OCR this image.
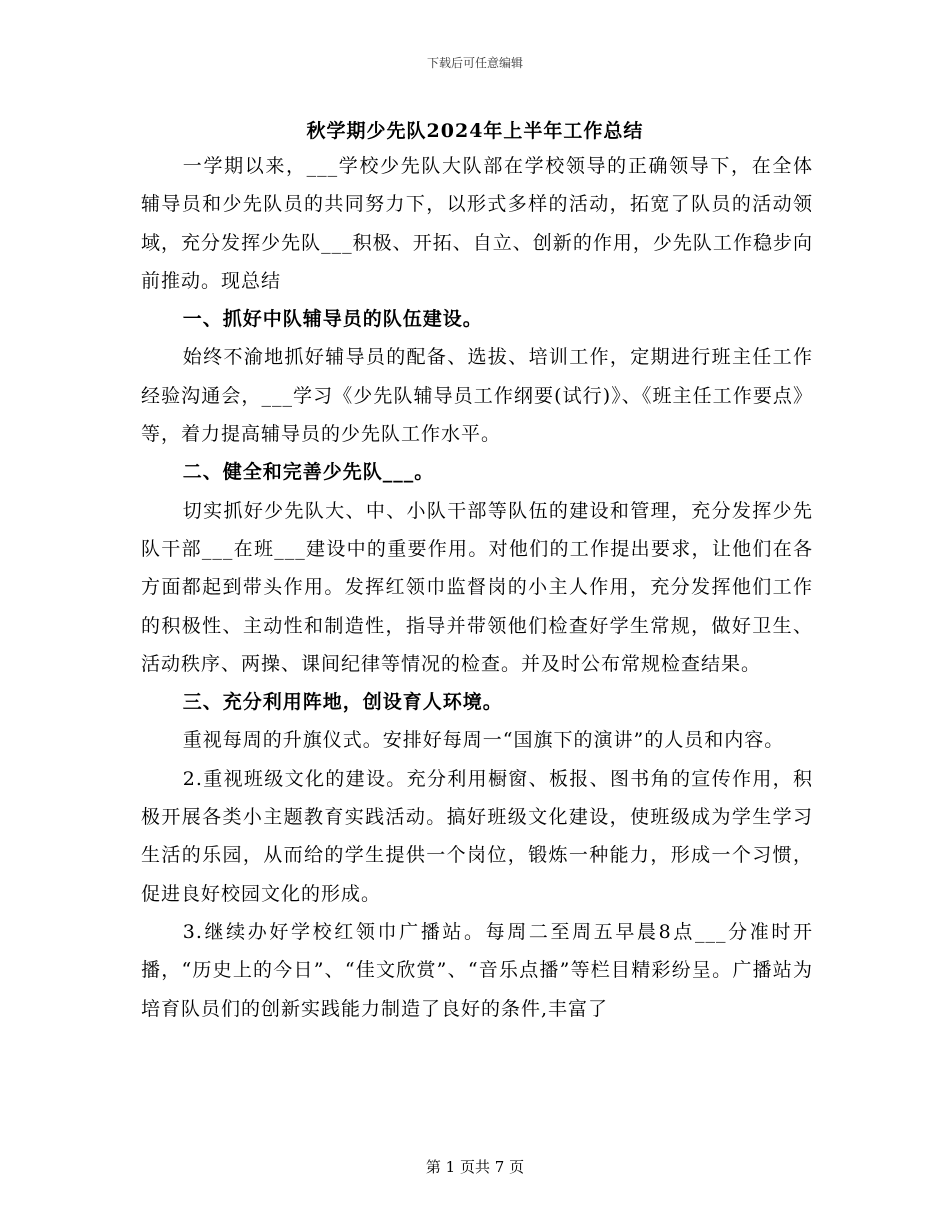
下载后可任意编辑
秋学期少先队2024年上半年工作总结

一学期以来，___学校少先队大队部在学校领导的正确领导下，在全体辅导员和少先队员的共同努力下，以形式多样的活动，拓宽了队员的活动领域，充分发挥少先队___积极、开拓、自立、创新的作用，少先队工作稳步向前推动。现总结

一、抓好中队辅导员的队伍建设。

始终不渝地抓好辅导员的配备、选拔、培训工作，定期进行班主任工作经验沟通会，___学习《少先队辅导员工作纲要(试行)》、《班主任工作要点》等，着力提高辅导员的少先队工作水平。

二、健全和完善少先队___。

切实抓好少先队大、中、小队干部等队伍的建设和管理，充分发挥少先队干部___在班___建设中的重要作用。对他们的工作提出要求，让他们在各方面都起到带头作用。发挥红领巾监督岗的小主人作用，充分发挥他们工作的积极性、主动性和制造性，指导并带领他们检查好学生常规，做好卫生、活动秩序、两操、课间纪律等情况的检查。并及时公布常规检查结果。

三、充分利用阵地，创设育人环境。

重视每周的升旗仪式。安排好每周一“国旗下的演讲”的人员和内容。

2.重视班级文化的建设。充分利用橱窗、板报、图书角的宣传作用，积极开展各类小主题教育实践活动。搞好班级文化建设，使班级成为学生学习生活的乐园，从而给的学生提供一个岗位，锻炼一种能力，形成一个习惯，促进良好校园文化的形成。

3.继续办好学校红领巾广播站。每周二至周五早晨8点___分准时开播，“历史上的今日”、“佳文欣赏”、“音乐点播”等栏目精彩纷呈。广播站为培育队员们的创新实践能力制造了良好的条件,丰富了

第 1 页共 7 页
